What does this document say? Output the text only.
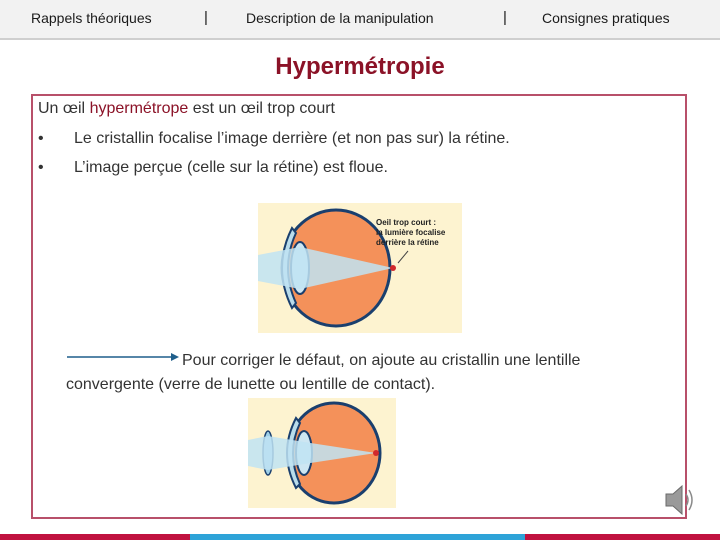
Rappels théoriques	|	Description de la manipulation	|	Consignes pratiques
Hypermétropie
Un œil hypermétrope est un œil trop court
• Le cristallin focalise l’image derrière (et non pas sur) la rétine.
• L’image perçue (celle sur la rétine) est floue.
Oeil trop court :
la lumière focalise
derrière la rétine
Pour corriger le défaut, on ajoute au cristallin une lentille convergente (verre de lunette ou lentille de contact).
